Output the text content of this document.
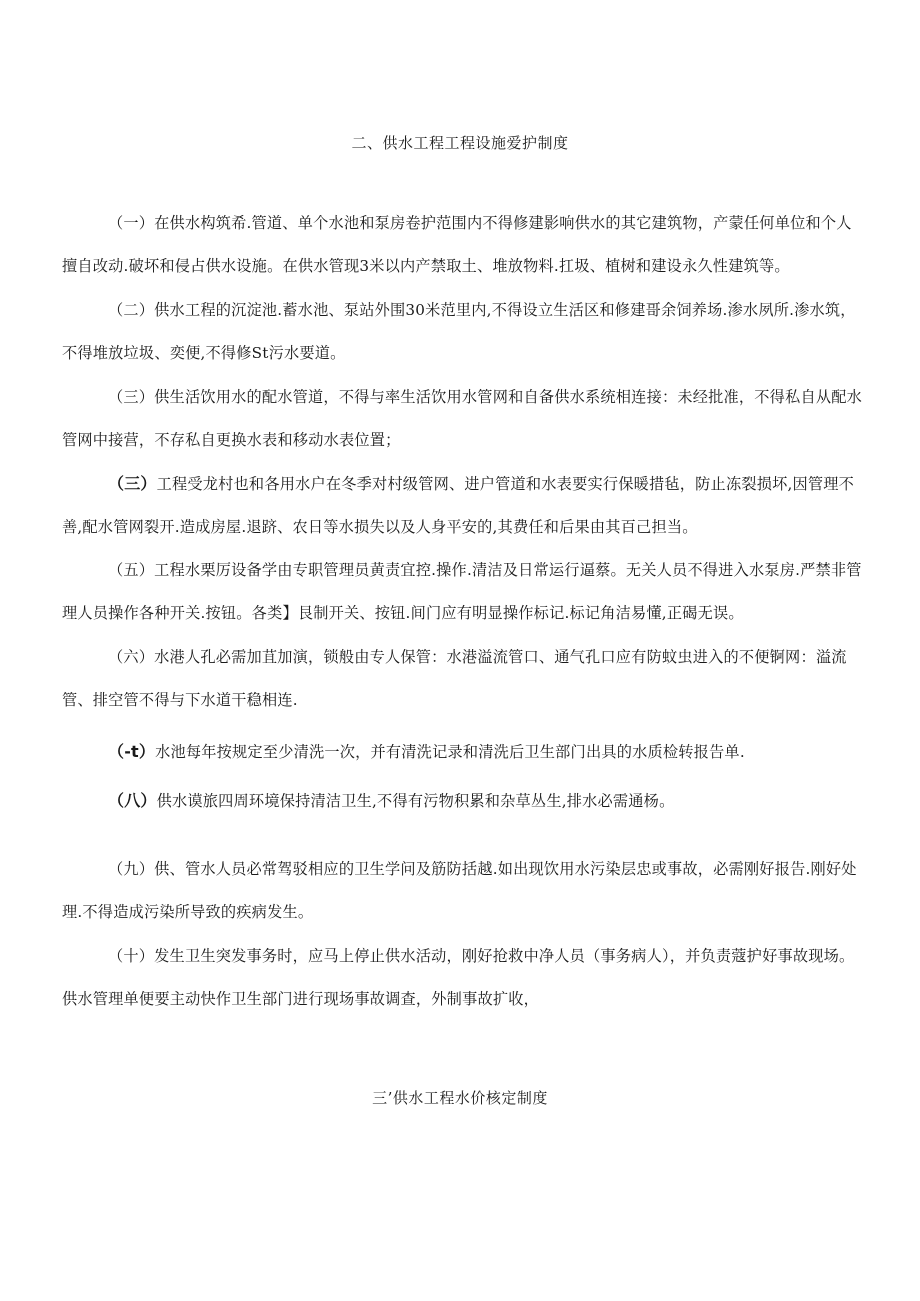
二、供水工程工程设施爱护制度
（一）在供水构筑希.管道、单个水池和泵房卷护范围内不得修建影响供水的其它建筑物，产蒙任何单位和个人擅自改动.破坏和侵占供水设施。在供水管现3米以内产禁取土、堆放物料.扛圾、植树和建设永久性建筑等。
（二）供水工程的沉淀池.蓄水池、泵站外围30米范里内,不得设立生活区和修建哥余饲养场.渗水夙所.渗水筑，不得堆放垃圾、奕便,不得修St污水要道。
（三）供生活饮用水的配水管道，不得与率生活饮用水管网和自备供水系统相连接：未经批准，不得私自从配水管网中接营，不存私自更换水表和移动水表位置；
（三）工程受龙村也和各用水户在冬季对村级管网、进户管道和水表要实行保暖措毡，防止冻裂损坏,因管理不善,配水管网裂开.造成房屋.退跻、农日等水损失以及人身平安的,其费任和后果由其百己担当。
（五）工程水栗厉设备学由专职管理员黄责宜控.操作.清洁及日常运行逼蔡。无关人员不得进入水泵房.严禁非管理人员操作各种开关.按钮。各类】艮制开关、按钮.间门应有明显操作标记.标记角洁易懂,正碣无误。
（六）水港人孔必需加苴加演，锁般由专人保管：水港溢流管口、通气孔口应有防蚊虫进入的不便锕网：溢流管、排空管不得与下水道干稳相连.
（-t）水池每年按规定至少清洗一次，并有清洗记录和清洗后卫生部门出具的水质检转报告单.
（八）供水谟旅四周环境保持清洁卫生,不得有污物积累和杂草丛生,排水必需通杨。
（九）供、管水人员必常驾驳相应的卫生学问及筋防括越.如出现饮用水污染层忠或事故，必需刚好报告.刚好处理.不得造成污染所导致的疾病发生。
（十）发生卫生突发事务时，应马上停止供水活动，刚好抢救中净人员（事务病人），并负责蔻护好事故现场。供水管理单便要主动快作卫生部门进行现场事故调查，外制事故扩收，
三’供水工程水价核定制度
